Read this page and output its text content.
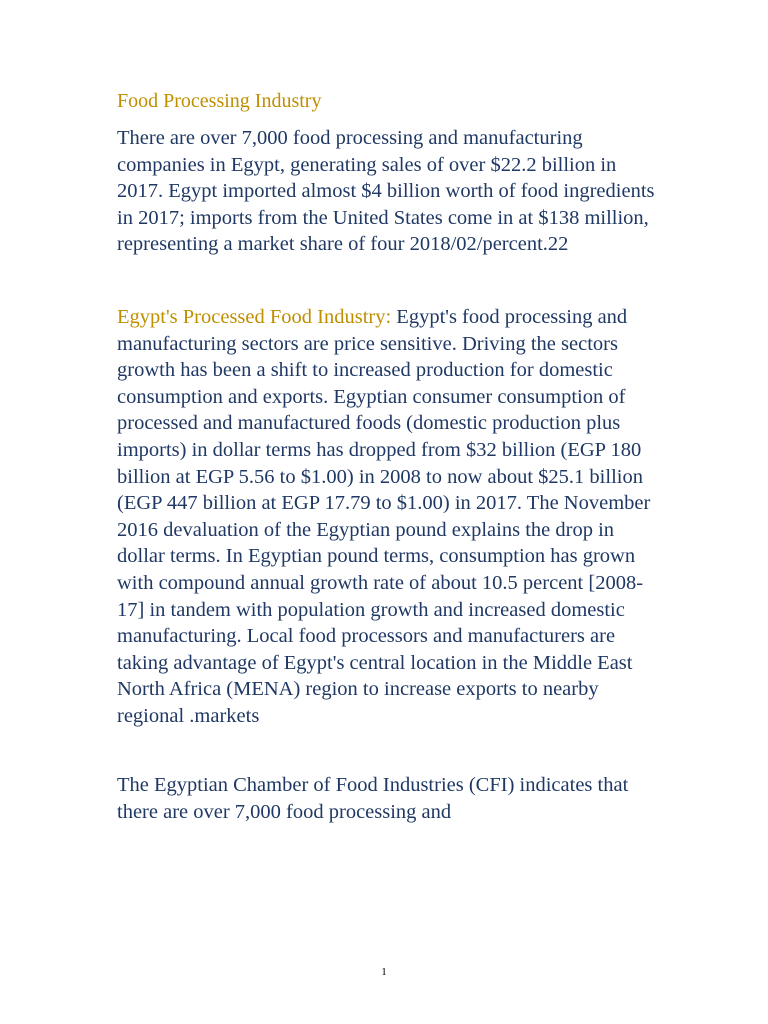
Food Processing Industry

There are over 7,000 food processing and manufacturing companies in Egypt, generating sales of over $22.2 billion in 2017. Egypt imported almost $4 billion worth of food ingredients in 2017; imports from the United States come in at $138 million, representing a market share of four 2018/02/percent.22

Egypt's Processed Food Industry: Egypt's food processing and manufacturing sectors are price sensitive. Driving the sectors growth has been a shift to increased production for domestic consumption and exports. Egyptian consumer consumption of processed and manufactured foods (domestic production plus imports) in dollar terms has dropped from $32 billion (EGP 180 billion at EGP 5.56 to $1.00) in 2008 to now about $25.1 billion (EGP 447 billion at EGP 17.79 to $1.00) in 2017. The November 2016 devaluation of the Egyptian pound explains the drop in dollar terms. In Egyptian pound terms, consumption has grown with compound annual growth rate of about 10.5 percent [2008-17] in tandem with population growth and increased domestic manufacturing. Local food processors and manufacturers are taking advantage of Egypt's central location in the Middle East North Africa (MENA) region to increase exports to nearby regional .markets

The Egyptian Chamber of Food Industries (CFI) indicates that there are over 7,000 food processing and

1
